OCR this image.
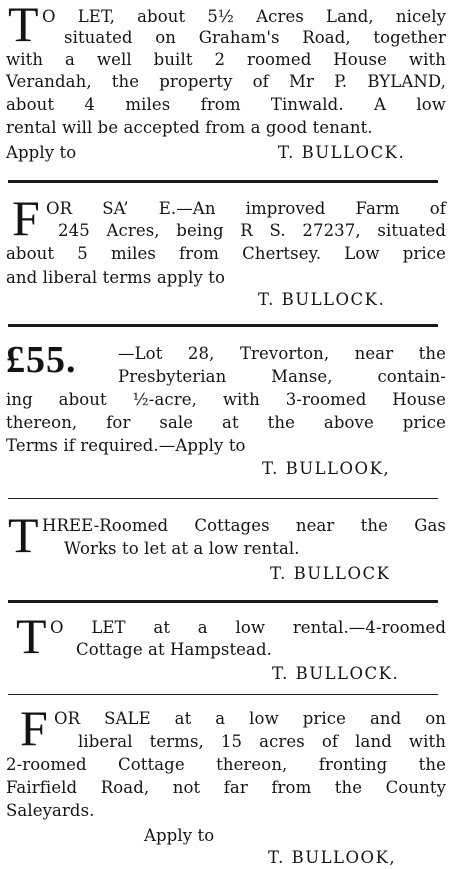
T O LET, about 5½ Acres Land, nicely
situated on Graham's Road, together
with a well built 2 roomed House with
Verandah, the property of Mr P. BYLAND,
about 4 miles from Tinwald. A low
rental will be accepted from a good tenant.
Apply to	T. BULLOCK.
F OR SA’ E.—An improved Farm of
245 Acres, being R S. 27237, situated
about 5 miles from Chertsey. Low price
and liberal terms apply to
T. BULLOCK.
£55.	—Lot 28, Trevorton, near the
Presbyterian Manse, contain-
ing about ½-acre, with 3-roomed House
thereon, for sale at the above price
Terms if required.—Apply to
T. BULLOOK,
T HREE-Roomed Cottages near the Gas
Works to let at a low rental.
T. BULLOCK
T O LET at a low rental.—4-roomed
Cottage at Hampstead.
T. BULLOCK.
F OR SALE at a low price and on
liberal terms, 15 acres of land with
2-roomed Cottage thereon, fronting the
Fairfield Road, not far from the County
Saleyards.
Apply to
T. BULLOOK,
